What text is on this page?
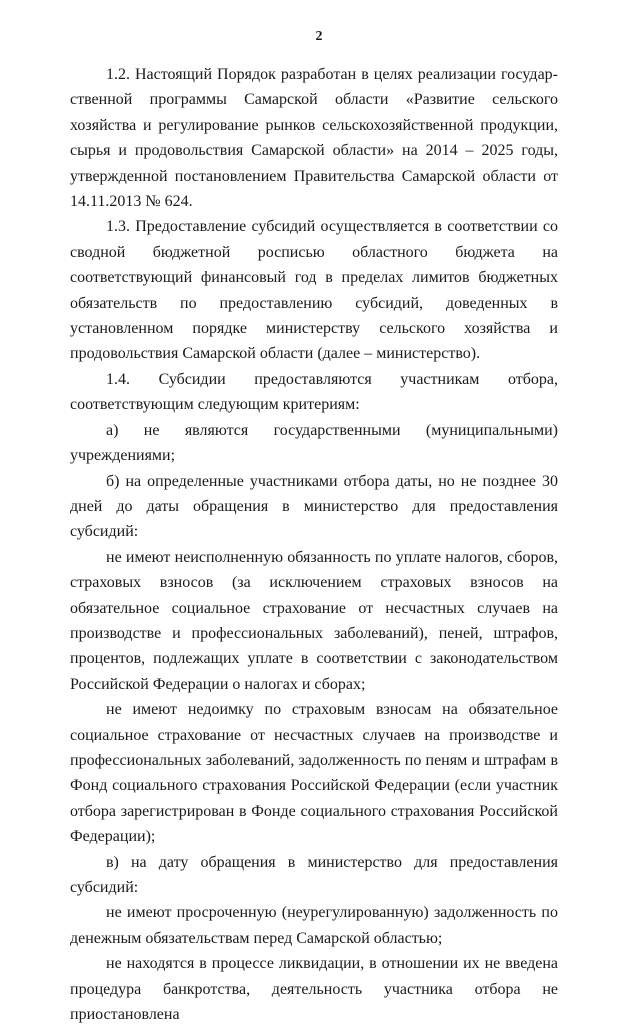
2

1.2. Настоящий Порядок разработан в целях реализации государственной программы Самарской области «Развитие сельского хозяйства и регулирование рынков сельскохозяйственной продукции, сырья и продовольствия Самарской области» на 2014 – 2025 годы, утвержденной постановлением Правительства Самарской области от 14.11.2013 № 624.

1.3. Предоставление субсидий осуществляется в соответствии со сводной бюджетной росписью областного бюджета на соответствующий финансовый год в пределах лимитов бюджетных обязательств по предоставлению субсидий, доведенных в установленном порядке министерству сельского хозяйства и продовольствия Самарской области (далее – министерство).

1.4. Субсидии предоставляются участникам отбора, соответствующим следующим критериям:

а) не являются государственными (муниципальными) учреждениями;

б) на определенные участниками отбора даты, но не позднее 30 дней до даты обращения в министерство для предоставления субсидий:

не имеют неисполненную обязанность по уплате налогов, сборов, страховых взносов (за исключением страховых взносов на обязательное социальное страхование от несчастных случаев на производстве и профессиональных заболеваний), пеней, штрафов, процентов, подлежащих уплате в соответствии с законодательством Российской Федерации о налогах и сборах;

не имеют недоимку по страховым взносам на обязательное социальное страхование от несчастных случаев на производстве и профессиональных заболеваний, задолженность по пеням и штрафам в Фонд социального страхования Российской Федерации (если участник отбора зарегистрирован в Фонде социального страхования Российской Федерации);

в) на дату обращения в министерство для предоставления субсидий:

не имеют просроченную (неурегулированную) задолженность по денежным обязательствам перед Самарской областью;

не находятся в процессе ликвидации, в отношении их не введена процедура банкротства, деятельность участника отбора не приостановлена
